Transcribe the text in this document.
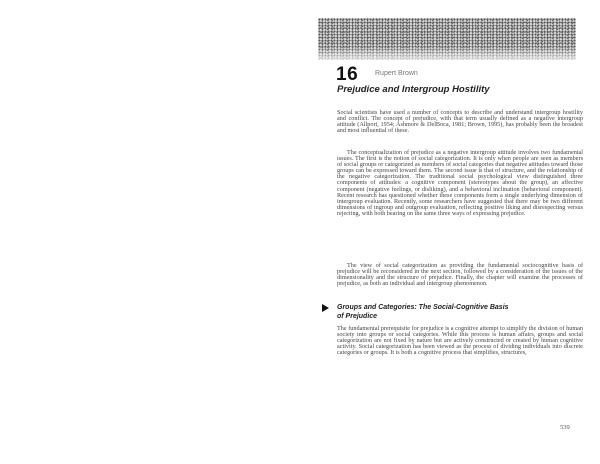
16 Rupert Brown
Prejudice and Intergroup Hostility

Social scientists have used a number of concepts to describe and understand intergroup hostility and conflict. The concept of prejudice, with that term usually defined as a negative intergroup attitude (Allport, 1954; Ashmore & DelBoca, 1981; Brown, 1995), has probably been the broadest and most influential of these.

The conceptualization of prejudice as a negative intergroup attitude involves two fundamental issues. The first is the notion of social categorization. It is only when people are seen as members of social groups or categorized as members of social categories that negative attitudes toward those groups can be expressed toward them. The second issue is that of structure, and the relationship of the negative categorization. The traditional social psychological view distinguished three components of attitudes: a cognitive component (stereotypes about the group), an affective component (negative feelings, or disliking), and a behavioral inclination (behavioral component). Recent research has questioned whether these components form a single underlying dimension of intergroup evaluation. Recently, some researchers have suggested that there may be two different dimensions of ingroup and outgroup evaluation, reflecting positive liking and disrespecting versus rejecting, with both bearing on the same three ways of expressing prejudice.

The view of social categorization as providing the fundamental sociocognitive basis of prejudice will be reconsidered in the next section, followed by a consideration of the issues of the dimensionality and the structure of prejudice. Finally, the chapter will examine the processes of prejudice, as both an individual and intergroup phenomenon.

Groups and Categories: The Social-Cognitive Basis
of Prejudice

The fundamental prerequisite for prejudice is a cognitive attempt to simplify the division of human society into groups or social categories. While this process is human affairs, groups and social categorization are not fixed by nature but are actively constructed or created by human cognitive activity. Social categorization has been viewed as the process of dividing individuals into discrete categories or groups. It is both a cognitive process that simplifies, structures,

539
